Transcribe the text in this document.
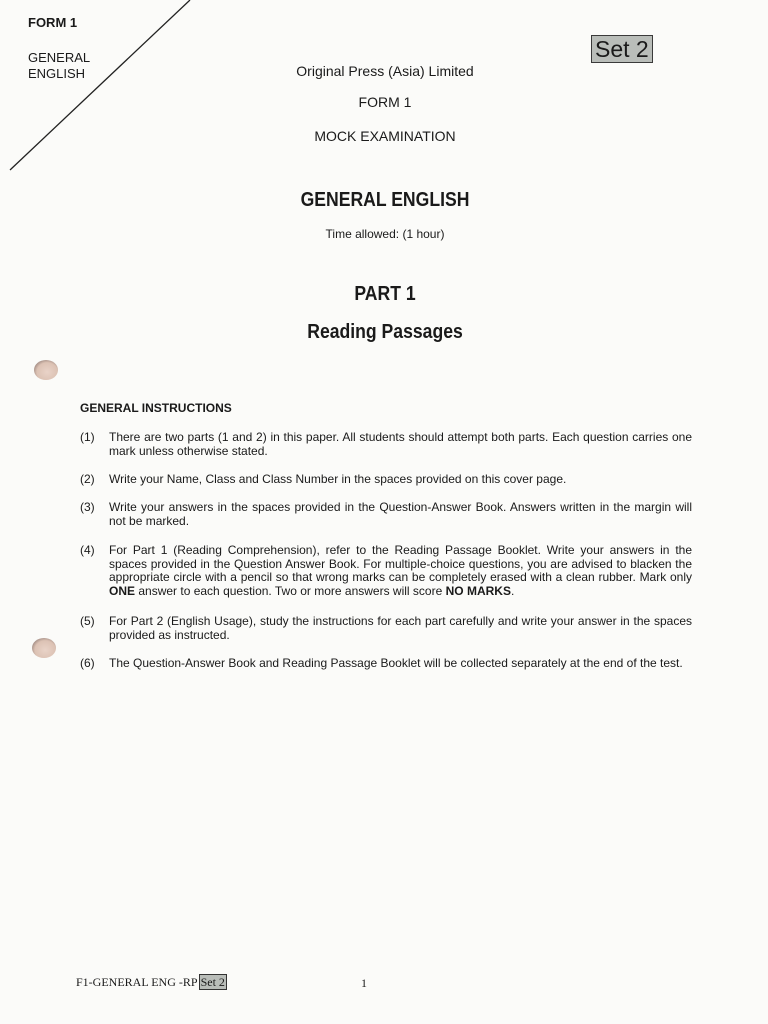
FORM 1
GENERAL
ENGLISH
Set 2
Original Press (Asia) Limited
FORM 1
MOCK EXAMINATION
GENERAL ENGLISH
Time allowed: (1 hour)
PART 1
Reading Passages
GENERAL INSTRUCTIONS
(1) There are two parts (1 and 2) in this paper. All students should attempt both parts. Each question carries one mark unless otherwise stated.
(2) Write your Name, Class and Class Number in the spaces provided on this cover page.
(3) Write your answers in the spaces provided in the Question-Answer Book. Answers written in the margin will not be marked.
(4) For Part 1 (Reading Comprehension), refer to the Reading Passage Booklet. Write your answers in the spaces provided in the Question Answer Book. For multiple-choice questions, you are advised to blacken the appropriate circle with a pencil so that wrong marks can be completely erased with a clean rubber. Mark only ONE answer to each question. Two or more answers will score NO MARKS.
(5) For Part 2 (English Usage), study the instructions for each part carefully and write your answer in the spaces provided as instructed.
(6) The Question-Answer Book and Reading Passage Booklet will be collected separately at the end of the test.
F1-GENERAL ENG -RP Set 2	1
